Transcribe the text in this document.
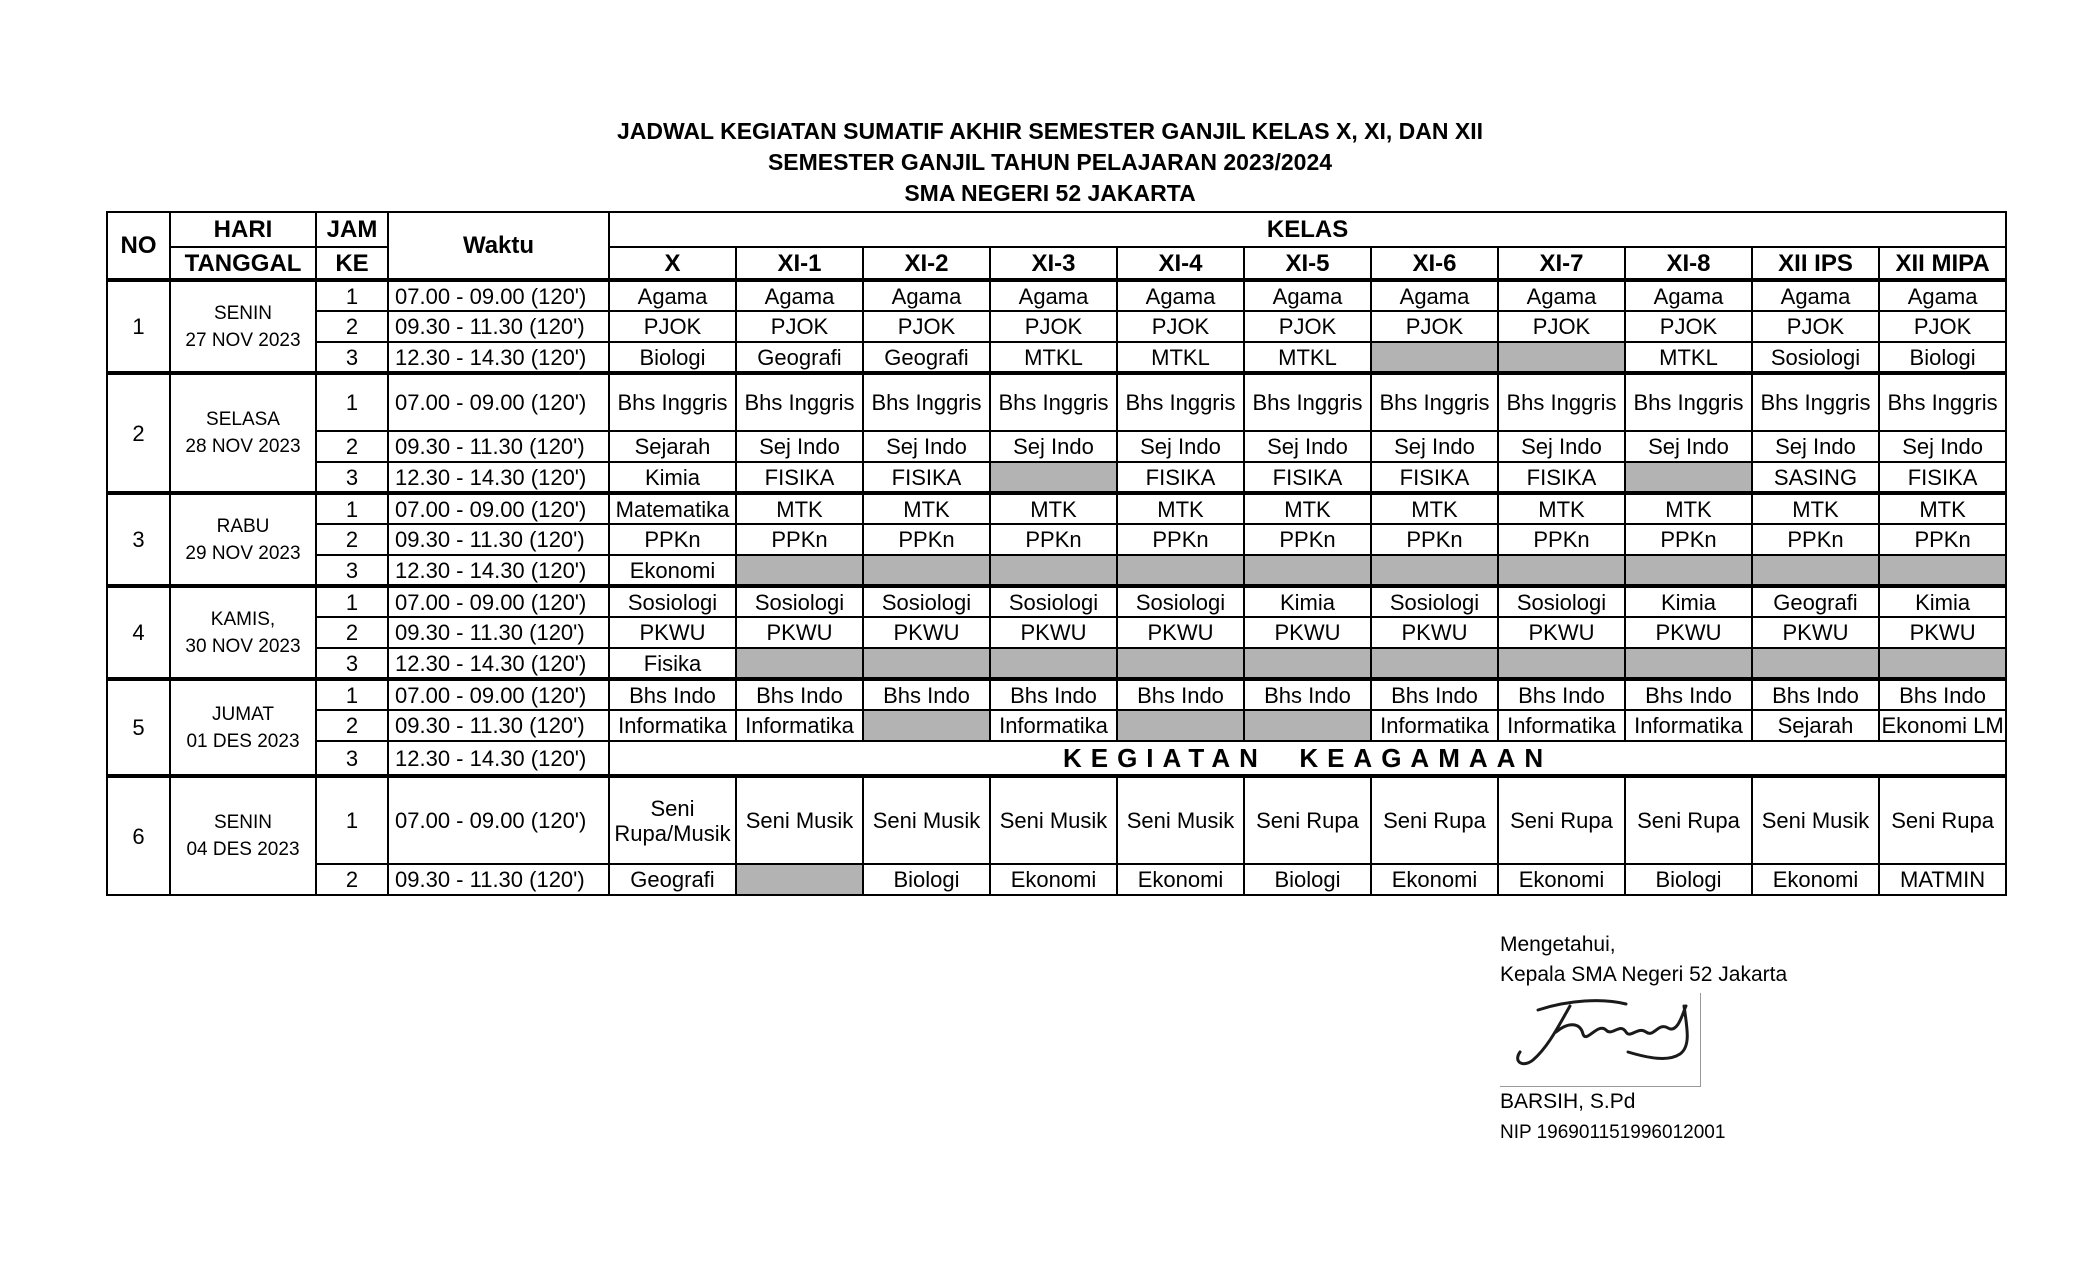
JADWAL KEGIATAN SUMATIF AKHIR SEMESTER GANJIL KELAS X, XI, DAN XII
SEMESTER GANJIL TAHUN PELAJARAN 2023/2024
SMA NEGERI 52 JAKARTA
NO	HARI	JAM	Waktu	KELAS										
	TANGGAL	KE		X	XI-1	XI-2	XI-3	XI-4	XI-5	XI-6	XI-7	XI-8	XII IPS	XII MIPA
1	SENIN
27 NOV 2023	1	07.00 - 09.00 (120')	Agama	Agama	Agama	Agama	Agama	Agama	Agama	Agama	Agama	Agama	Agama
		2	09.30 - 11.30 (120')	PJOK	PJOK	PJOK	PJOK	PJOK	PJOK	PJOK	PJOK	PJOK	PJOK	PJOK
		3	12.30 - 14.30 (120')	Biologi	Geografi	Geografi	MTKL	MTKL	MTKL			MTKL	Sosiologi	Biologi
2	SELASA
28 NOV 2023	1	07.00 - 09.00 (120')	Bhs Inggris	Bhs Inggris	Bhs Inggris	Bhs Inggris	Bhs Inggris	Bhs Inggris	Bhs Inggris	Bhs Inggris	Bhs Inggris	Bhs Inggris	Bhs Inggris
		2	09.30 - 11.30 (120')	Sejarah	Sej Indo	Sej Indo	Sej Indo	Sej Indo	Sej Indo	Sej Indo	Sej Indo	Sej Indo	Sej Indo	Sej Indo
		3	12.30 - 14.30 (120')	Kimia	FISIKA	FISIKA		FISIKA	FISIKA	FISIKA	FISIKA		SASING	FISIKA
3	RABU
29 NOV 2023	1	07.00 - 09.00 (120')	Matematika	MTK	MTK	MTK	MTK	MTK	MTK	MTK	MTK	MTK	MTK
		2	09.30 - 11.30 (120')	PPKn	PPKn	PPKn	PPKn	PPKn	PPKn	PPKn	PPKn	PPKn	PPKn	PPKn
		3	12.30 - 14.30 (120')	Ekonomi										
4	KAMIS,
30 NOV 2023	1	07.00 - 09.00 (120')	Sosiologi	Sosiologi	Sosiologi	Sosiologi	Sosiologi	Kimia	Sosiologi	Sosiologi	Kimia	Geografi	Kimia
		2	09.30 - 11.30 (120')	PKWU	PKWU	PKWU	PKWU	PKWU	PKWU	PKWU	PKWU	PKWU	PKWU	PKWU
		3	12.30 - 14.30 (120')	Fisika										
5	JUMAT
01 DES 2023	1	07.00 - 09.00 (120')	Bhs Indo	Bhs Indo	Bhs Indo	Bhs Indo	Bhs Indo	Bhs Indo	Bhs Indo	Bhs Indo	Bhs Indo	Bhs Indo	Bhs Indo
		2	09.30 - 11.30 (120')	Informatika	Informatika		Informatika			Informatika	Informatika	Informatika	Sejarah	Ekonomi LM
		3	12.30 - 14.30 (120')	KEGIATAN  KEAGAMAAN										
6	SENIN
04 DES 2023	1	07.00 - 09.00 (120')	Seni Rupa/Musik	Seni Musik	Seni Musik	Seni Musik	Seni Musik	Seni Rupa	Seni Rupa	Seni Rupa	Seni Rupa	Seni Musik	Seni Rupa
		2	09.30 - 11.30 (120')	Geografi		Biologi	Ekonomi	Ekonomi	Biologi	Ekonomi	Ekonomi	Biologi	Ekonomi	MATMIN
Mengetahui,
Kepala SMA Negeri 52 Jakarta
BARSIH, S.Pd
NIP 196901151996012001
